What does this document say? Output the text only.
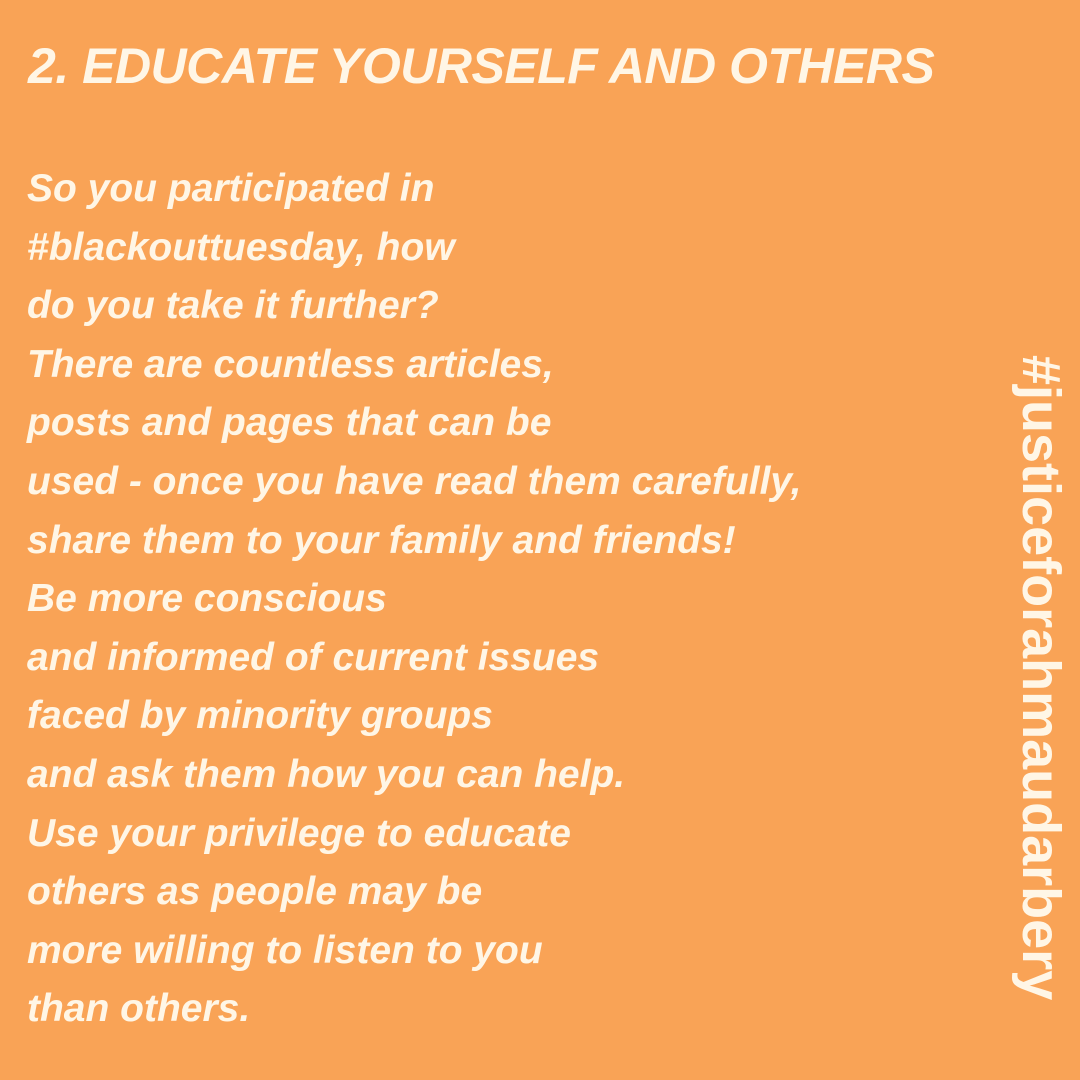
2. EDUCATE YOURSELF AND OTHERS
So you participated in
#blackouttuesday, how
do you take it further?
There are countless articles,
posts and pages that can be
used - once you have read them carefully,
share them to your family and friends!
Be more conscious
and informed of current issues
faced by minority groups
and ask them how you can help.
Use your privilege to educate
others as people may be
more willing to listen to you
than others.
#justiceforahmaudarbery
